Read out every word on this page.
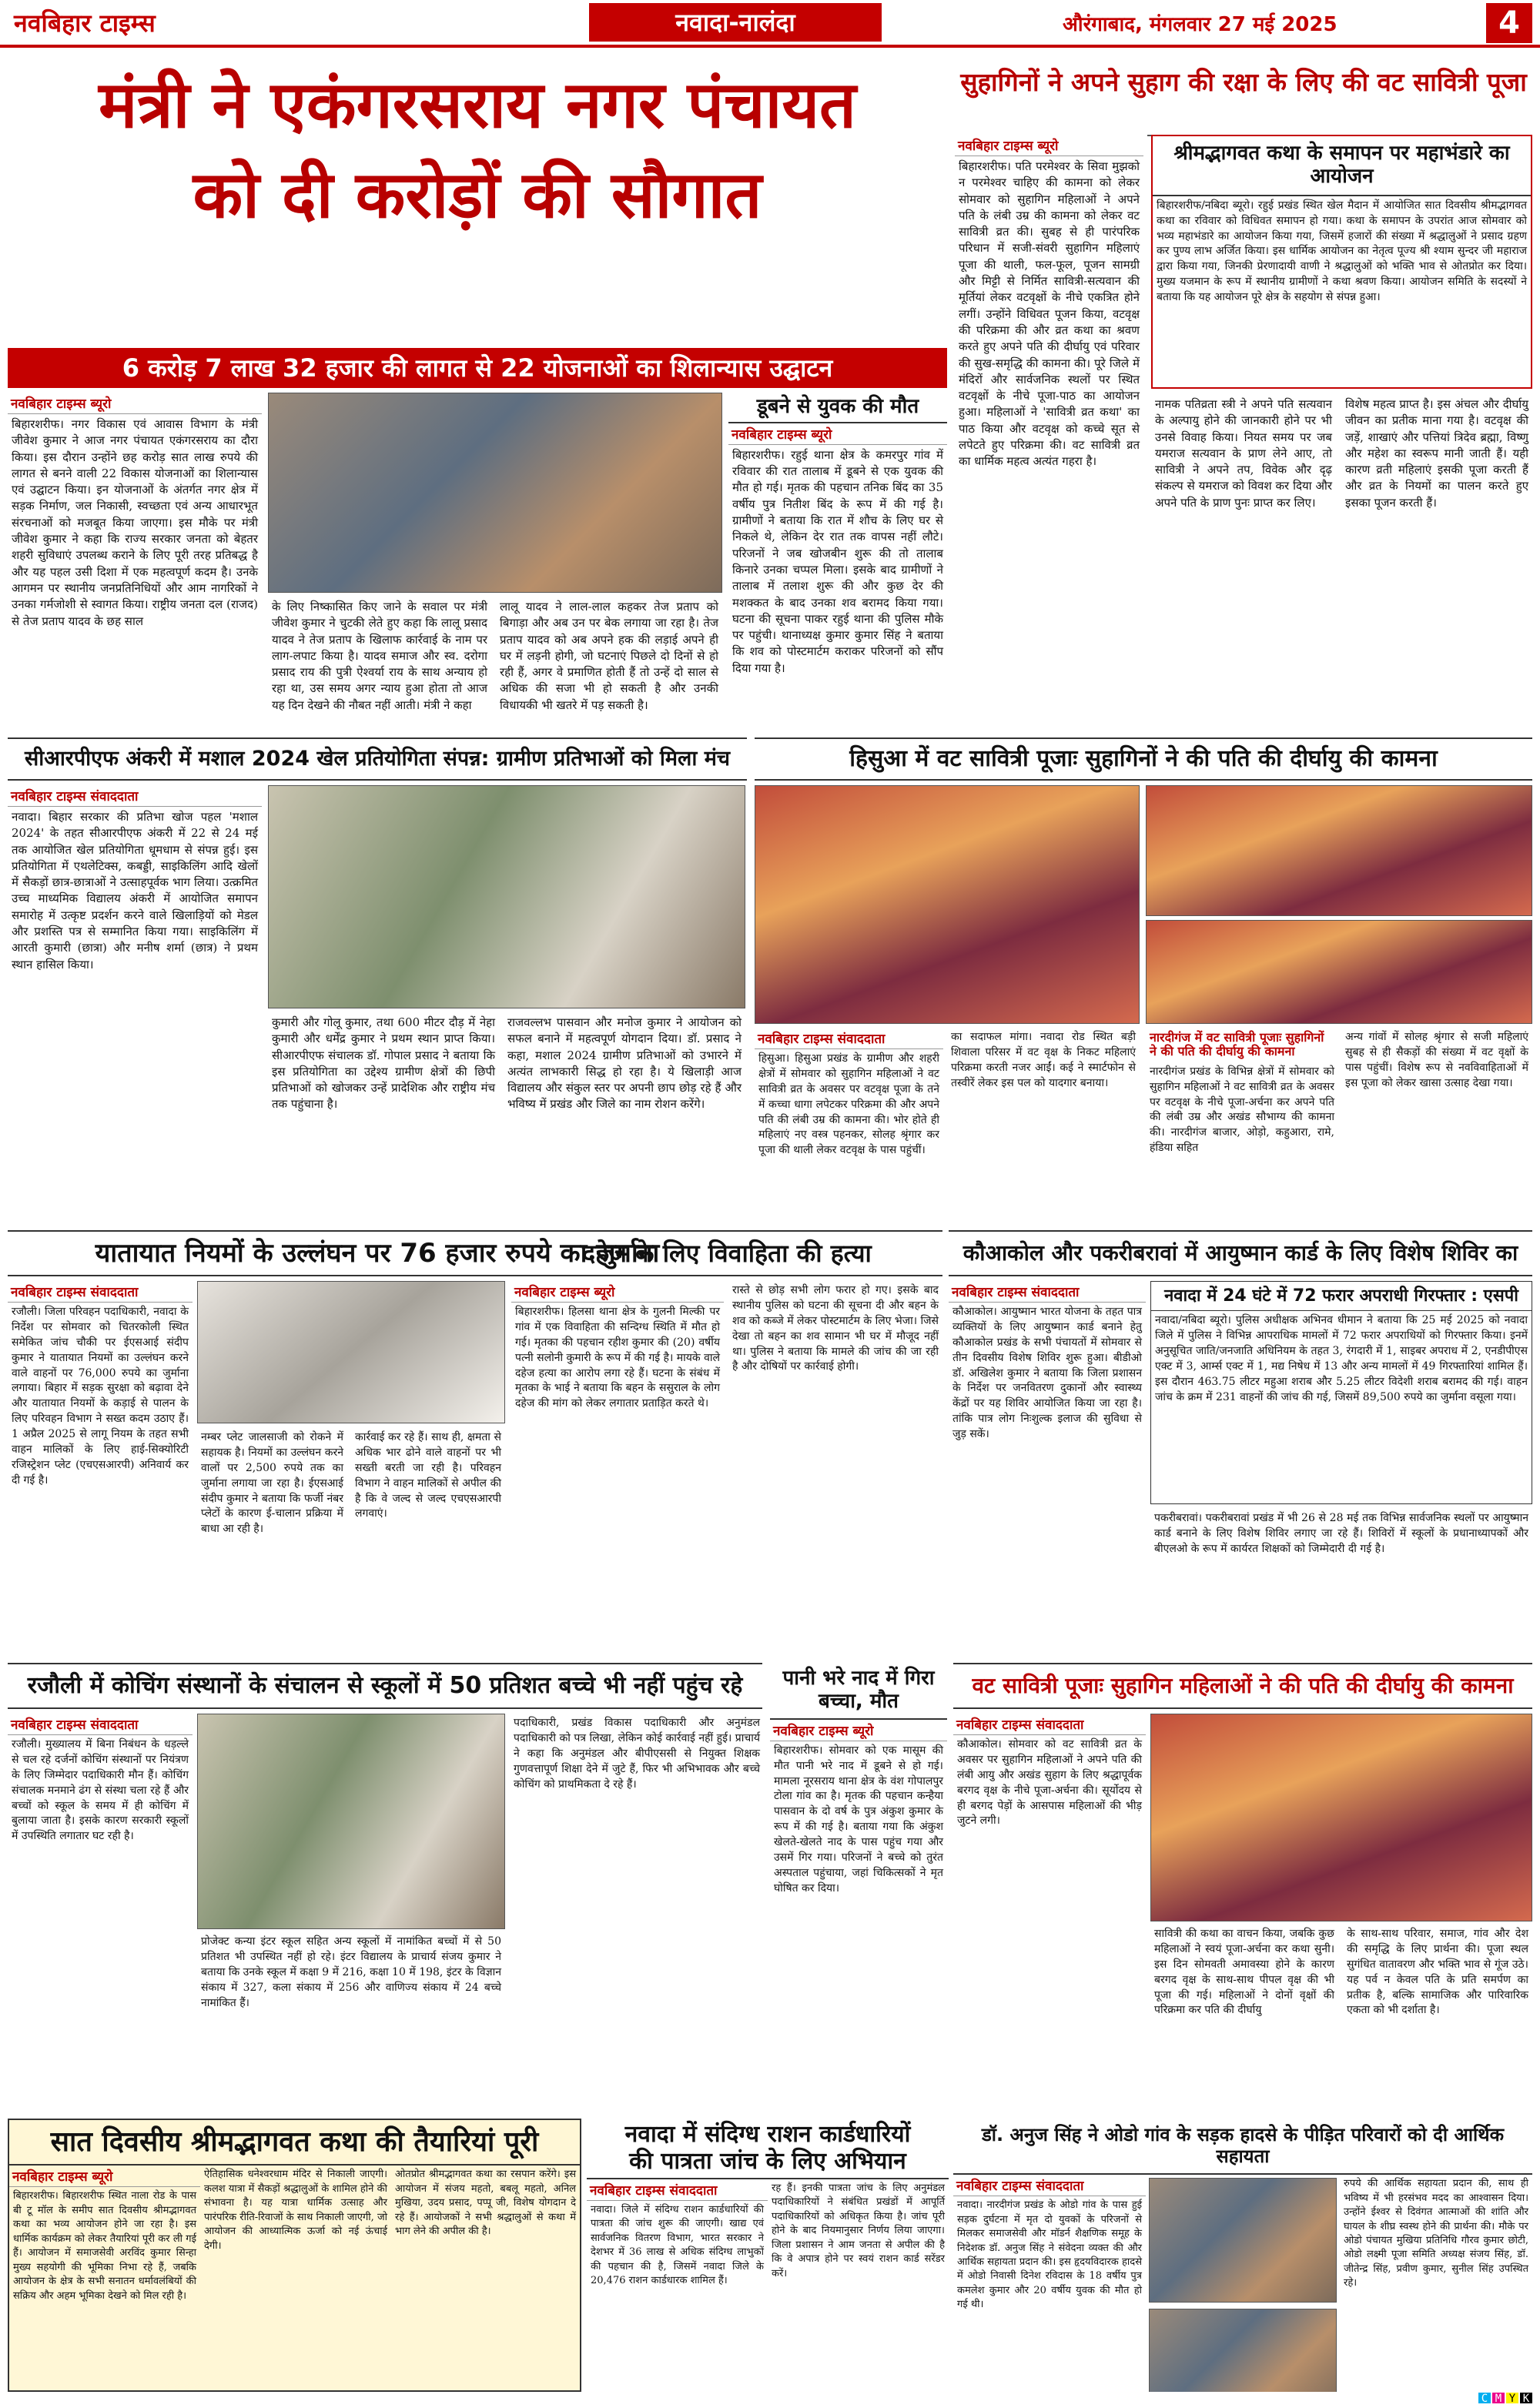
नवबिहार टाइम्स	नवादा-नालंदा	औरंगाबाद, मंगलवार 27 मई 2025	4
मंत्री ने एकंगरसराय नगर पंचायत
को दी करोड़ों की सौगात
6 करोड़ 7 लाख 32 हजार की लागत से 22 योजनाओं का शिलान्यास उद्घाटन
नवबिहार टाइम्स ब्यूरो
बिहारशरीफ। नगर विकास एवं आवास विभाग के मंत्री जीवेश कुमार ने आज नगर पंचायत एकंगरसराय का दौरा किया। इस दौरान उन्होंने छह करोड़ सात लाख रुपये की लागत से बनने वाली 22 विकास योजनाओं का शिलान्यास एवं उद्घाटन किया। इन योजनाओं के अंतर्गत नगर क्षेत्र में सड़क निर्माण, जल निकासी, स्वच्छता एवं अन्य आधारभूत संरचनाओं को मजबूत किया जाएगा। इस मौके पर मंत्री जीवेश कुमार ने कहा कि राज्य सरकार जनता को बेहतर शहरी सुविधाएं उपलब्ध कराने के लिए पूरी तरह प्रतिबद्ध है और यह पहल उसी दिशा में एक महत्वपूर्ण कदम है। उनके आगमन पर स्थानीय जनप्रतिनिधियों और आम नागरिकों ने उनका गर्मजोशी से स्वागत किया। राष्ट्रीय जनता दल (राजद) से तेज प्रताप यादव के छह साल
के लिए निष्कासित किए जाने के सवाल पर मंत्री जीवेश कुमार ने चुटकी लेते हुए कहा कि लालू प्रसाद यादव ने तेज प्रताप के खिलाफ कार्रवाई के नाम पर लाग-लपाट किया है। यादव समाज और स्व. दरोगा प्रसाद राय की पुत्री ऐश्वर्या राय के साथ अन्याय हो रहा था, उस समय अगर न्याय हुआ होता तो आज यह दिन देखने की नौबत नहीं आती। मंत्री ने कहा
लालू यादव ने लाल-लाल कहकर तेज प्रताप को बिगाड़ा और अब उन पर बेक लगाया जा रहा है। तेज प्रताप यादव को अब अपने हक की लड़ाई अपने ही घर में लड़नी होगी, जो घटनाएं पिछले दो दिनों से हो रही हैं, अगर वे प्रमाणित होती हैं तो उन्हें दो साल से अधिक की सजा भी हो सकती है और उनकी विधायकी भी खतरे में पड़ सकती है।
डूबने से युवक की मौत
नवबिहार टाइम्स ब्यूरो
बिहारशरीफ। रहुई थाना क्षेत्र के कमरपुर गांव में रविवार की रात तालाब में डूबने से एक युवक की मौत हो गई। मृतक की पहचान तनिक बिंद का 35 वर्षीय पुत्र नितीश बिंद के रूप में की गई है। ग्रामीणों ने बताया कि रात में शौच के लिए घर से निकले थे, लेकिन देर रात तक वापस नहीं लौटे। परिजनों ने जब खोजबीन शुरू की तो तालाब किनारे उनका चप्पल मिला। इसके बाद ग्रामीणों ने तालाब में तलाश शुरू की और कुछ देर की मशक्कत के बाद उनका शव बरामद किया गया। घटना की सूचना पाकर रहुई थाना की पुलिस मौके पर पहुंची। थानाध्यक्ष कुमार कुमार सिंह ने बताया कि शव को पोस्टमार्टम कराकर परिजनों को सौंप दिया गया है।
सुहागिनों ने अपने सुहाग की रक्षा के लिए की वट सावित्री पूजा
नवबिहार टाइम्स ब्यूरो
बिहारशरीफ। पति परमेश्वर के सिवा मुझको न परमेश्वर चाहिए की कामना को लेकर सोमवार को सुहागिन महिलाओं ने अपने पति के लंबी उम्र की कामना को लेकर वट सावित्री व्रत की। सुबह से ही पारंपरिक परिधान में सजी-संवरी सुहागिन महिलाएं पूजा की थाली, फल-फूल, पूजन सामग्री और मिट्टी से निर्मित सावित्री-सत्यवान की मूर्तियां लेकर वटवृक्षों के नीचे एकत्रित होने लगीं। उन्होंने विधिवत पूजन किया, वटवृक्ष की परिक्रमा की और व्रत कथा का श्रवण करते हुए अपने पति की दीर्घायु एवं परिवार की सुख-समृद्धि की कामना की। पूरे जिले में मंदिरों और सार्वजनिक स्थलों पर स्थित वटवृक्षों के नीचे पूजा-पाठ का आयोजन हुआ। महिलाओं ने 'सावित्री व्रत कथा' का पाठ किया और वटवृक्ष को कच्चे सूत से लपेटते हुए परिक्रमा की। वट सावित्री व्रत का धार्मिक महत्व अत्यंत गहरा है।
श्रीमद्भागवत कथा के समापन पर महाभंडारे का आयोजन
बिहारशरीफ/नबिदा ब्यूरो। रहुई प्रखंड स्थित खेल मैदान में आयोजित सात दिवसीय श्रीमद्भागवत कथा का रविवार को विधिवत समापन हो गया। कथा के समापन के उपरांत आज सोमवार को भव्य महाभंडारे का आयोजन किया गया, जिसमें हजारों की संख्या में श्रद्धालुओं ने प्रसाद ग्रहण कर पुण्य लाभ अर्जित किया। इस धार्मिक आयोजन का नेतृत्व पूज्य श्री श्याम सुन्दर जी महाराज द्वारा किया गया, जिनकी प्रेरणादायी वाणी ने श्रद्धालुओं को भक्ति भाव से ओतप्रोत कर दिया। मुख्य यजमान के रूप में स्थानीय ग्रामीणों ने कथा श्रवण किया। आयोजन समिति के सदस्यों ने बताया कि यह आयोजन पूरे क्षेत्र के सहयोग से संपन्न हुआ।
नामक पतिव्रता स्त्री ने अपने पति सत्यवान के अल्पायु होने की जानकारी होने पर भी उनसे विवाह किया। नियत समय पर जब यमराज सत्यवान के प्राण लेने आए, तो सावित्री ने अपने तप, विवेक और दृढ़ संकल्प से यमराज को विवश कर दिया और अपने पति के प्राण पुनः प्राप्त कर लिए।
विशेष महत्व प्राप्त है। इस अंचल और दीर्घायु जीवन का प्रतीक माना गया है। वटवृक्ष की जड़ें, शाखाएं और पत्तियां त्रिदेव ब्रह्मा, विष्णु और महेश का स्वरूप मानी जाती हैं। यही कारण व्रती महिलाएं इसकी पूजा करती हैं और व्रत के नियमों का पालन करते हुए इसका पूजन करती हैं।
सीआरपीएफ अंकरी में मशाल 2024 खेल प्रतियोगिता संपन्न: ग्रामीण प्रतिभाओं को मिला मंच
नवबिहार टाइम्स संवाददाता
नवादा। बिहार सरकार की प्रतिभा खोज पहल 'मशाल 2024' के तहत सीआरपीएफ अंकरी में 22 से 24 मई तक आयोजित खेल प्रतियोगिता धूमधाम से संपन्न हुई। इस प्रतियोगिता में एथलेटिक्स, कबड्डी, साइकिलिंग आदि खेलों में सैकड़ों छात्र-छात्राओं ने उत्साहपूर्वक भाग लिया। उत्क्रमित उच्च माध्यमिक विद्यालय अंकरी में आयोजित समापन समारोह में उत्कृष्ट प्रदर्शन करने वाले खिलाड़ियों को मेडल और प्रशस्ति पत्र से सम्मानित किया गया। साइकिलिंग में आरती कुमारी (छात्रा) और मनीष शर्मा (छात्र) ने प्रथम स्थान हासिल किया।
कुमारी और गोलू कुमार, तथा 600 मीटर दौड़ में नेहा कुमारी और धर्मेंद्र कुमार ने प्रथम स्थान प्राप्त किया। सीआरपीएफ संचालक डॉ. गोपाल प्रसाद ने बताया कि इस प्रतियोगिता का उद्देश्य ग्रामीण क्षेत्रों की छिपी प्रतिभाओं को खोजकर उन्हें प्रादेशिक और राष्ट्रीय मंच तक पहुंचाना है।
राजवल्लभ पासवान और मनोज कुमार ने आयोजन को सफल बनाने में महत्वपूर्ण योगदान दिया। डॉ. प्रसाद ने कहा, मशाल 2024 ग्रामीण प्रतिभाओं को उभारने में अत्यंत लाभकारी सिद्ध हो रहा है। ये खिलाड़ी आज विद्यालय और संकुल स्तर पर अपनी छाप छोड़ रहे हैं और भविष्य में प्रखंड और जिले का नाम रोशन करेंगे।
हिसुआ में वट सावित्री पूजाः सुहागिनों ने की पति की दीर्घायु की कामना
नवबिहार टाइम्स संवाददाता
हिसुआ। हिसुआ प्रखंड के ग्रामीण और शहरी क्षेत्रों में सोमवार को सुहागिन महिलाओं ने वट सावित्री व्रत के अवसर पर वटवृक्ष पूजा के तने में कच्चा धागा लपेटकर परिक्रमा की और अपने पति की लंबी उम्र की कामना की। भोर होते ही महिलाएं नए वस्त्र पहनकर, सोलह श्रृंगार कर पूजा की थाली लेकर वटवृक्ष के पास पहुंचीं।
का सदाफल मांगा। नवादा रोड स्थित बड़ी शिवाला परिसर में वट वृक्ष के निकट महिलाएं परिक्रमा करती नजर आईं। कई ने स्मार्टफोन से तस्वीरें लेकर इस पल को यादगार बनाया।
नारदीगंज में वट सावित्री पूजाः सुहागिनों ने की पति की दीर्घायु की कामना
नारदीगंज प्रखंड के विभिन्न क्षेत्रों में सोमवार को सुहागिन महिलाओं ने वट सावित्री व्रत के अवसर पर वटवृक्ष के नीचे पूजा-अर्चना कर अपने पति की लंबी उम्र और अखंड सौभाग्य की कामना की। नारदीगंज बाजार, ओड़ो, कहुआरा, रामे, हंडिया सहित
अन्य गांवों में सोलह श्रृंगार से सजी महिलाएं सुबह से ही सैकड़ों की संख्या में वट वृक्षों के पास पहुंचीं। विशेष रूप से नवविवाहिताओं में इस पूजा को लेकर खासा उत्साह देखा गया।
यातायात नियमों के उल्लंघन पर 76 हजार रुपये का जुर्माना
नवबिहार टाइम्स संवाददाता
रजौली। जिला परिवहन पदाधिकारी, नवादा के निर्देश पर सोमवार को चितरकोली स्थित समेकित जांच चौकी पर ईएसआई संदीप कुमार ने यातायात नियमों का उल्लंघन करने वाले वाहनों पर 76,000 रुपये का जुर्माना लगाया। बिहार में सड़क सुरक्षा को बढ़ावा देने और यातायात नियमों के कड़ाई से पालन के लिए परिवहन विभाग ने सख्त कदम उठाए हैं। 1 अप्रैल 2025 से लागू नियम के तहत सभी वाहन मालिकों के लिए हाई-सिक्योरिटी रजिस्ट्रेशन प्लेट (एचएसआरपी) अनिवार्य कर दी गई है।
नम्बर प्लेट जालसाजी को रोकने में सहायक है। नियमों का उल्लंघन करने वालों पर 2,500 रुपये तक का जुर्माना लगाया जा रहा है। ईएसआई संदीप कुमार ने बताया कि फर्जी नंबर प्लेटों के कारण ई-चालान प्रक्रिया में बाधा आ रही है।
कार्रवाई कर रहे हैं। साथ ही, क्षमता से अधिक भार ढोने वाले वाहनों पर भी सख्ती बरती जा रही है। परिवहन विभाग ने वाहन मालिकों से अपील की है कि वे जल्द से जल्द एचएसआरपी लगवाएं।
दहेज के लिए विवाहिता की हत्या
नवबिहार टाइम्स ब्यूरो
बिहारशरीफ। हिलसा थाना क्षेत्र के गुलनी मिल्की पर गांव में एक विवाहिता की सन्दिग्ध स्थिति में मौत हो गई। मृतका की पहचान रहीश कुमार की (20) वर्षीय पत्नी सलोनी कुमारी के रूप में की गई है। मायके वाले दहेज हत्या का आरोप लगा रहे हैं। घटना के संबंध में मृतका के भाई ने बताया कि बहन के ससुराल के लोग दहेज की मांग को लेकर लगातार प्रताड़ित करते थे।
रास्ते से छोड़ सभी लोग फरार हो गए। इसके बाद स्थानीय पुलिस को घटना की सूचना दी और बहन के शव को कब्जे में लेकर पोस्टमार्टम के लिए भेजा। जिसे देखा तो बहन का शव सामान भी घर में मौजूद नहीं था। पुलिस ने बताया कि मामले की जांच की जा रही है और दोषियों पर कार्रवाई होगी।
कौआकोल और पकरीबरावां में आयुष्मान कार्ड के लिए विशेष शिविर का
नवबिहार टाइम्स संवाददाता
कौआकोल। आयुष्मान भारत योजना के तहत पात्र व्यक्तियों के लिए आयुष्मान कार्ड बनाने हेतु कौआकोल प्रखंड के सभी पंचायतों में सोमवार से तीन दिवसीय विशेष शिविर शुरू हुआ। बीडीओ डॉ. अखिलेश कुमार ने बताया कि जिला प्रशासन के निर्देश पर जनवितरण दुकानों और स्वास्थ्य केंद्रों पर यह शिविर आयोजित किया जा रहा है। तांकि पात्र लोग निःशुल्क इलाज की सुविधा से जुड़ सकें।
नवादा में 24 घंटे में 72 फरार अपराधी गिरफ्तार : एसपी
नवादा/नबिदा ब्यूरो। पुलिस अधीक्षक अभिनव धीमान ने बताया कि 25 मई 2025 को नवादा जिले में पुलिस ने विभिन्न आपराधिक मामलों में 72 फरार अपराधियों को गिरफ्तार किया। इनमें अनुसूचित जाति/जनजाति अधिनियम के तहत 3, रंगदारी में 1, साइबर अपराध में 2, एनडीपीएस एक्ट में 3, आर्म्स एक्ट में 1, मद्य निषेध में 13 और अन्य मामलों में 49 गिरफ्तारियां शामिल हैं। इस दौरान 463.75 लीटर महुआ शराब और 5.25 लीटर विदेशी शराब बरामद की गई। वाहन जांच के क्रम में 231 वाहनों की जांच की गई, जिसमें 89,500 रुपये का जुर्माना वसूला गया।
पकरीबरावां। पकरीबरावां प्रखंड में भी 26 से 28 मई तक विभिन्न सार्वजनिक स्थलों पर आयुष्मान कार्ड बनाने के लिए विशेष शिविर लगाए जा रहे हैं। शिविरों में स्कूलों के प्रधानाध्यापकों और बीएलओ के रूप में कार्यरत शिक्षकों को जिम्मेदारी दी गई है।
रजौली में कोचिंग संस्थानों के संचालन से स्कूलों में 50 प्रतिशत बच्चे भी नहीं पहुंच रहे
नवबिहार टाइम्स संवाददाता
रजौली। मुख्यालय में बिना निबंधन के धड़ल्ले से चल रहे दर्जनों कोचिंग संस्थानों पर नियंत्रण के लिए जिम्मेदार पदाधिकारी मौन हैं। कोचिंग संचालक मनमाने ढंग से संस्था चला रहे हैं और बच्चों को स्कूल के समय में ही कोचिंग में बुलाया जाता है। इसके कारण सरकारी स्कूलों में उपस्थिति लगातार घट रही है।
प्रोजेक्ट कन्या इंटर स्कूल सहित अन्य स्कूलों में नामांकित बच्चों में से 50 प्रतिशत भी उपस्थित नहीं हो रहे। इंटर विद्यालय के प्राचार्य संजय कुमार ने बताया कि उनके स्कूल में कक्षा 9 में 216, कक्षा 10 में 198, इंटर के विज्ञान संकाय में 327, कला संकाय में 256 और वाणिज्य संकाय में 24 बच्चे नामांकित हैं।
पदाधिकारी, प्रखंड विकास पदाधिकारी और अनुमंडल पदाधिकारी को पत्र लिखा, लेकिन कोई कार्रवाई नहीं हुई। प्राचार्य ने कहा कि अनुमंडल और बीपीएससी से नियुक्त शिक्षक गुणवत्तापूर्ण शिक्षा देने में जुटे हैं, फिर भी अभिभावक और बच्चे कोचिंग को प्राथमिकता दे रहे हैं।
पानी भरे नाद में गिरा बच्चा, मौत
नवबिहार टाइम्स ब्यूरो
बिहारशरीफ। सोमवार को एक मासूम की मौत पानी भरे नाद में डूबने से हो गई। मामला नूरसराय थाना क्षेत्र के वंश गोपालपुर टोला गांव का है। मृतक की पहचान कन्हैया पासवान के दो वर्ष के पुत्र अंकुश कुमार के रूप में की गई है। बताया गया कि अंकुश खेलते-खेलते नाद के पास पहुंच गया और उसमें गिर गया। परिजनों ने बच्चे को तुरंत अस्पताल पहुंचाया, जहां चिकित्सकों ने मृत घोषित कर दिया।
वट सावित्री पूजाः सुहागिन महिलाओं ने की पति की दीर्घायु की कामना
नवबिहार टाइम्स संवाददाता
कौआकोल। सोमवार को वट सावित्री व्रत के अवसर पर सुहागिन महिलाओं ने अपने पति की लंबी आयु और अखंड सुहाग के लिए श्रद्धापूर्वक बरगद वृक्ष के नीचे पूजा-अर्चना की। सूर्योदय से ही बरगद पेड़ों के आसपास महिलाओं की भीड़ जुटने लगी।
सावित्री की कथा का वाचन किया, जबकि कुछ महिलाओं ने स्वयं पूजा-अर्चना कर कथा सुनी। इस दिन सोमवती अमावस्या होने के कारण बरगद वृक्ष के साथ-साथ पीपल वृक्ष की भी पूजा की गई। महिलाओं ने दोनों वृक्षों की परिक्रमा कर पति की दीर्घायु
के साथ-साथ परिवार, समाज, गांव और देश की समृद्धि के लिए प्रार्थना की। पूजा स्थल सुगंधित वातावरण और भक्ति भाव से गूंज उठे। यह पर्व न केवल पति के प्रति समर्पण का प्रतीक है, बल्कि सामाजिक और पारिवारिक एकता को भी दर्शाता है।
सात दिवसीय श्रीमद्भागवत कथा की तैयारियां पूरी
नवबिहार टाइम्स ब्यूरो
बिहारशरीफ। बिहारशरीफ स्थित नाला रोड के पास बी टू मॉल के समीप सात दिवसीय श्रीमद्भागवत कथा का भव्य आयोजन होने जा रहा है। इस धार्मिक कार्यक्रम को लेकर तैयारियां पूरी कर ली गई हैं। आयोजन में समाजसेवी अरविंद कुमार सिन्हा मुख्य सहयोगी की भूमिका निभा रहे हैं, जबकि आयोजन के क्षेत्र के सभी सनातन धर्मावलंबियों की सक्रिय और अहम भूमिका देखने को मिल रही है।
ऐतिहासिक धनेश्वरधाम मंदिर से निकाली जाएगी। कलश यात्रा में सैकड़ों श्रद्धालुओं के शामिल होने की संभावना है। यह यात्रा धार्मिक उत्साह और पारंपरिक रीति-रिवाजों के साथ निकाली जाएगी, जो आयोजन की आध्यात्मिक ऊर्जा को नई ऊंचाई देगी।
ओतप्रोत श्रीमद्भागवत कथा का रसपान करेंगे। इस आयोजन में संजय महतो, बबलू महतो, अनिल मुखिया, उदय प्रसाद, पप्पू जी, विशेष योगदान दे रहे हैं। आयोजकों ने सभी श्रद्धालुओं से कथा में भाग लेने की अपील की है।
नवादा में संदिग्ध राशन कार्डधारियों
की पात्रता जांच के लिए अभियान
नवबिहार टाइम्स संवाददाता
नवादा। जिले में संदिग्ध राशन कार्डधारियों की पात्रता की जांच शुरू की जाएगी। खाद्य एवं सार्वजनिक वितरण विभाग, भारत सरकार ने देशभर में 36 लाख से अधिक संदिग्ध लाभुकों की पहचान की है, जिसमें नवादा जिले के 20,476 राशन कार्डधारक शामिल हैं।
रह हैं। इनकी पात्रता जांच के लिए अनुमंडल पदाधिकारियों ने संबंधित प्रखंडों में आपूर्ति पदाधिकारियों को अधिकृत किया है। जांच पूरी होने के बाद नियमानुसार निर्णय लिया जाएगा। जिला प्रशासन ने आम जनता से अपील की है कि वे अपात्र होने पर स्वयं राशन कार्ड सरेंडर करें।
डॉ. अनुज सिंह ने ओडो गांव के सड़क हादसे के पीड़ित परिवारों को दी आर्थिक सहायता
नवबिहार टाइम्स संवाददाता
नवादा। नारदीगंज प्रखंड के ओडो गांव के पास हुई सड़क दुर्घटना में मृत दो युवकों के परिजनों से मिलकर समाजसेवी और मॉडर्न शैक्षणिक समूह के निदेशक डॉ. अनुज सिंह ने संवेदना व्यक्त की और आर्थिक सहायता प्रदान की। इस हृदयविदारक हादसे में ओडो निवासी दिनेश रविदास के 18 वर्षीय पुत्र कमलेश कुमार और 20 वर्षीय युवक की मौत हो गई थी।
रुपये की आर्थिक सहायता प्रदान की, साथ ही भविष्य में भी हरसंभव मदद का आश्वासन दिया। उन्होंने ईश्वर से दिवंगत आत्माओं की शांति और घायल के शीघ्र स्वस्थ होने की प्रार्थना की। मौके पर ओडो पंचायत मुखिया प्रतिनिधि गौरव कुमार छोटी, ओडो लक्ष्मी पूजा समिति अध्यक्ष संजय सिंह, डॉ. जीतेन्द्र सिंह, प्रवीण कुमार, सुनील सिंह उपस्थित रहे।
C M Y K
